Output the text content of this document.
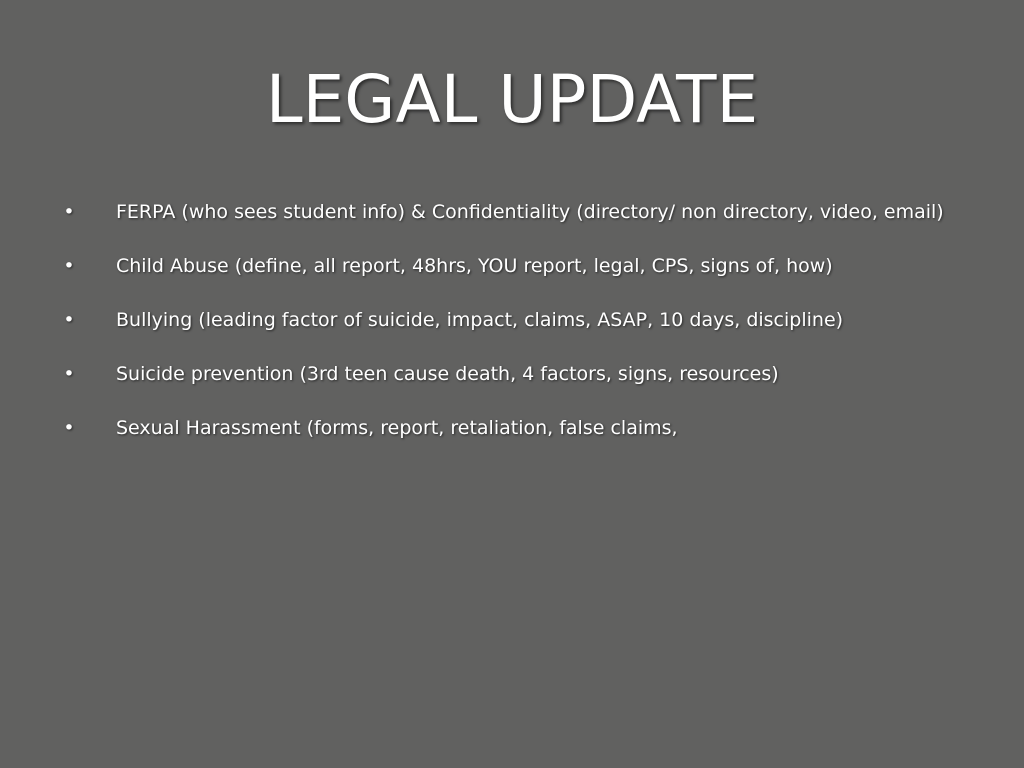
LEGAL UPDATE
• FERPA (who sees student info) & Confidentiality (directory/ non directory, video, email)
• Child Abuse (define, all report, 48hrs, YOU report, legal, CPS, signs of, how)
• Bullying (leading factor of suicide, impact, claims, ASAP, 10 days, discipline)
• Suicide prevention (3rd teen cause death, 4 factors, signs, resources)
• Sexual Harassment (forms, report, retaliation, false claims,
